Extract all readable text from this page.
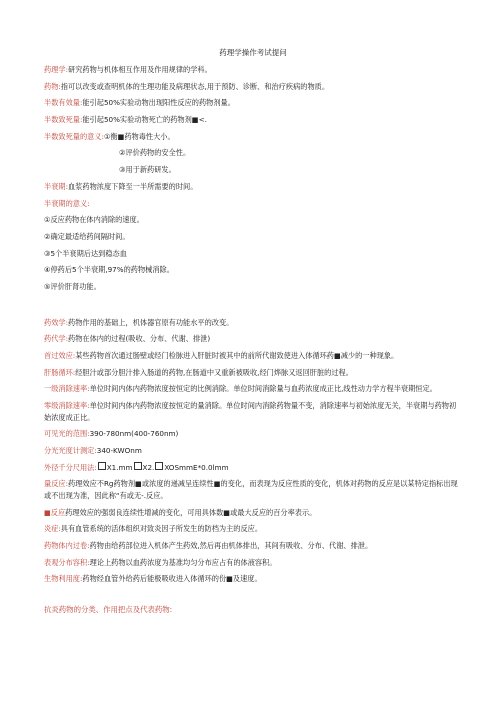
药理学操作考试提问

药理学:研究药物与机体相互作用及作用规律的学科。

药物:指可以改变或查明机体的生理功能及病理状态,用于预防、诊断、和治疗疾病的物质。

半数有效量:能引起50%实验动物出现阳性反应的药物剂量。

半数致死量:能引起50%实验动物死亡的药物剂■<.

半数致死量的意义:①衡■药物毒性大小。

②评价药物的安全性。

③用于新药研发。

半衰期:血浆药物浓度下降至一半所需要的时间。

半衰期的意义:

①反应药物在体内消除的速度。

②确定最适给药间隔时间。

③5个半衰期后达到稳态血

④停药后5个半衰期,97%的药物械消除。

⑤评价肝肾功能。

药效学:药物作用的基础上，机体器官原有功能水平的改变。

药代学:药物在体内的过程(吸收、分布、代谢、排泄)

首过效应:某些药物首次通过肠壁或经门检脉进入肝脏时被其中的前所代谢致使进入体循环药■减少的一种现象。

肝肠循环:经胆汁或部分胆汁排入肠道的药物,在肠道中又重新被吸收,经门烨脉又返回肝脏的过程。

一级消除速率:单位时间内体内药物浓度按恒定的比例消除。单位时间消除量与血药浓度成正比,线性动力学方程半衰期恒定。

零级消除速率:单位时间内体内药物浓度按恒定的量消除。单位时间内消除药物量不变，消除速率与初始浓度无关，半衰期与药物初始浓度成正比。

可见光的范围:390-780nm(400-760nm)

分光光度计测定:340-KWOnm

外径千分尺用法: X1.mm X2. XOSmmE*0.0lmm

量反应:药理效应不Rg药物剂■或浓度的递减呈连续性■的变化，而表现为反应性质的变化，机体对药物的反应是以某特定指标出现或不出现为准，因此称“有或无-.反应。

■反应药理效应的强弱良连续性增减的变化，可用具体数■或最大反应的百分率表示。

炎症:具有血管系统的活体组织对致炎因子所发生的防档为主的反应。

药物体内过卷:药物由给药部位进入机体产生药效,然后再由机体排出，其间有吸收、分布、代谢、排泄。

表观分布容积:理论上药物以血药浓度为基准均匀分布应占有的体液容积。

生物利用度:药物经血管外给药后能极吸收进入体循环的份■及速度。

抗炎药物的分类、作用把点及代表药物:
